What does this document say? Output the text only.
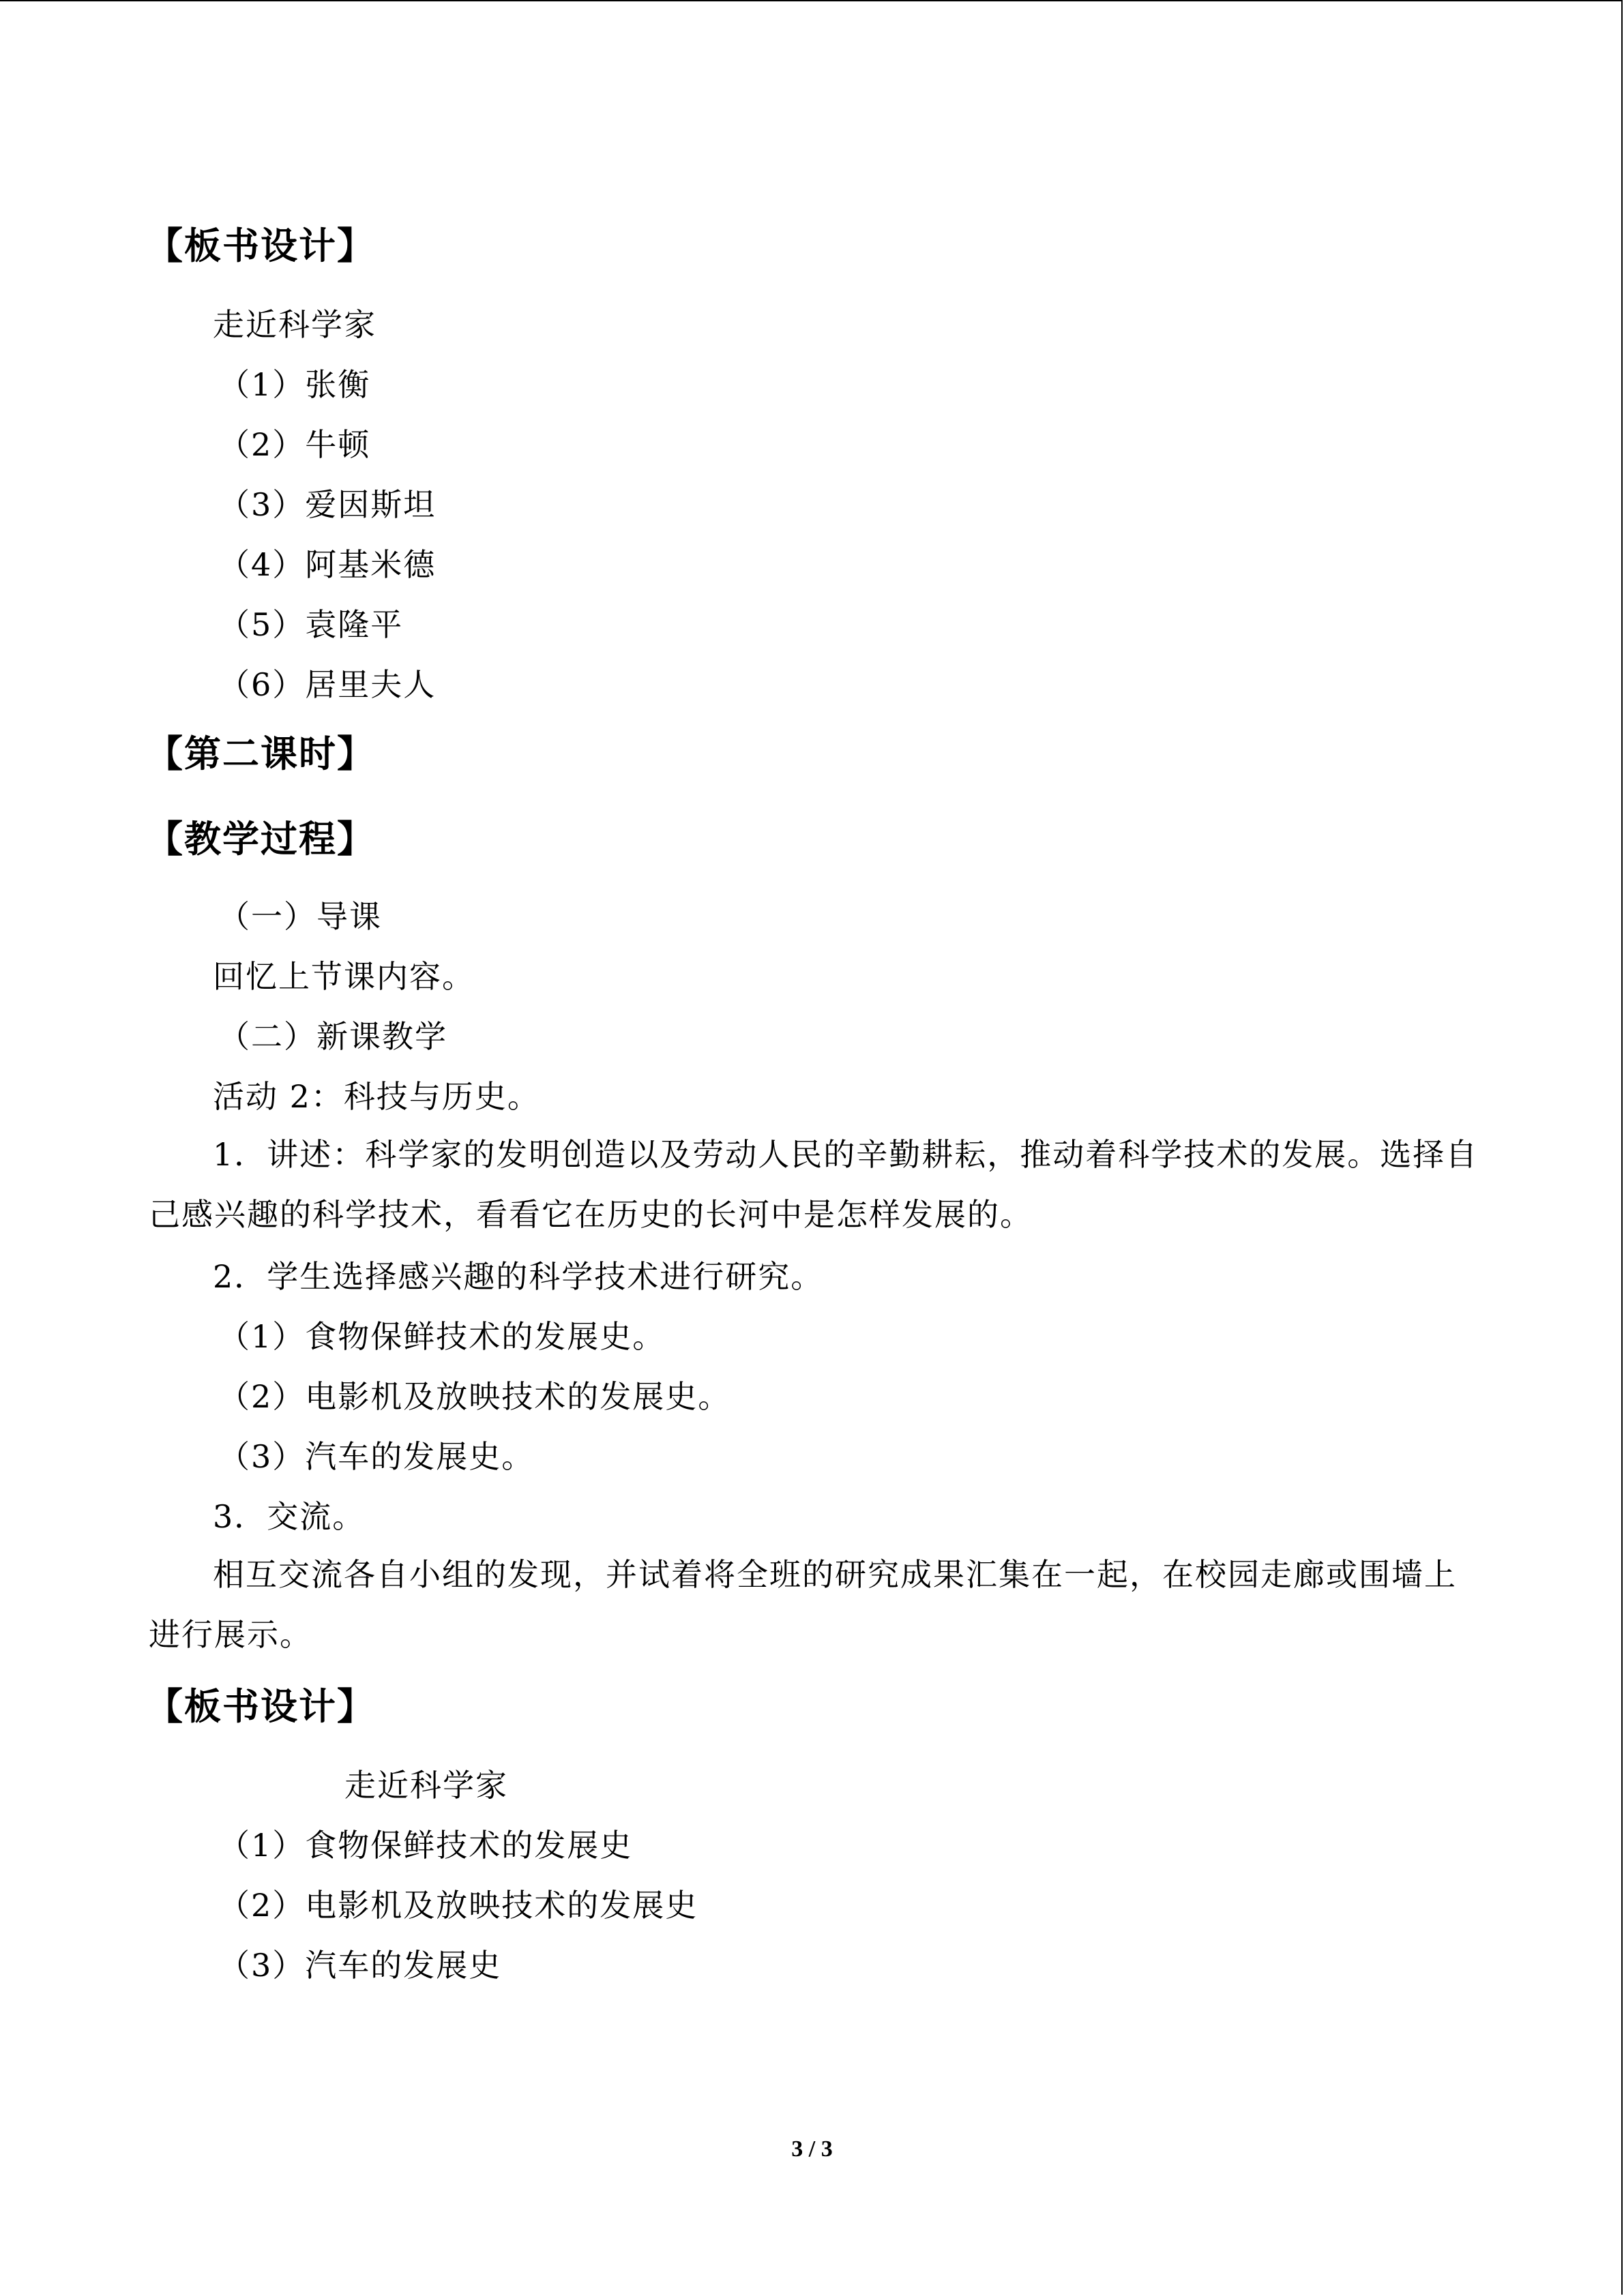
【板书设计】
走近科学家
（1）张衡
（2）牛顿
（3）爱因斯坦
（4）阿基米德
（5）袁隆平
（6）居里夫人
【第二课时】
【教学过程】
（一）导课
回忆上节课内容。
（二）新课教学
活动 2：科技与历史。
1．讲述：科学家的发明创造以及劳动人民的辛勤耕耘，推动着科学技术的发展。选择自己感兴趣的科学技术，看看它在历史的长河中是怎样发展的。
2．学生选择感兴趣的科学技术进行研究。
（1）食物保鲜技术的发展史。
（2）电影机及放映技术的发展史。
（3）汽车的发展史。
3．交流。
相互交流各自小组的发现，并试着将全班的研究成果汇集在一起，在校园走廊或围墙上进行展示。
【板书设计】
走近科学家
（1）食物保鲜技术的发展史
（2）电影机及放映技术的发展史
（3）汽车的发展史
3 / 3
